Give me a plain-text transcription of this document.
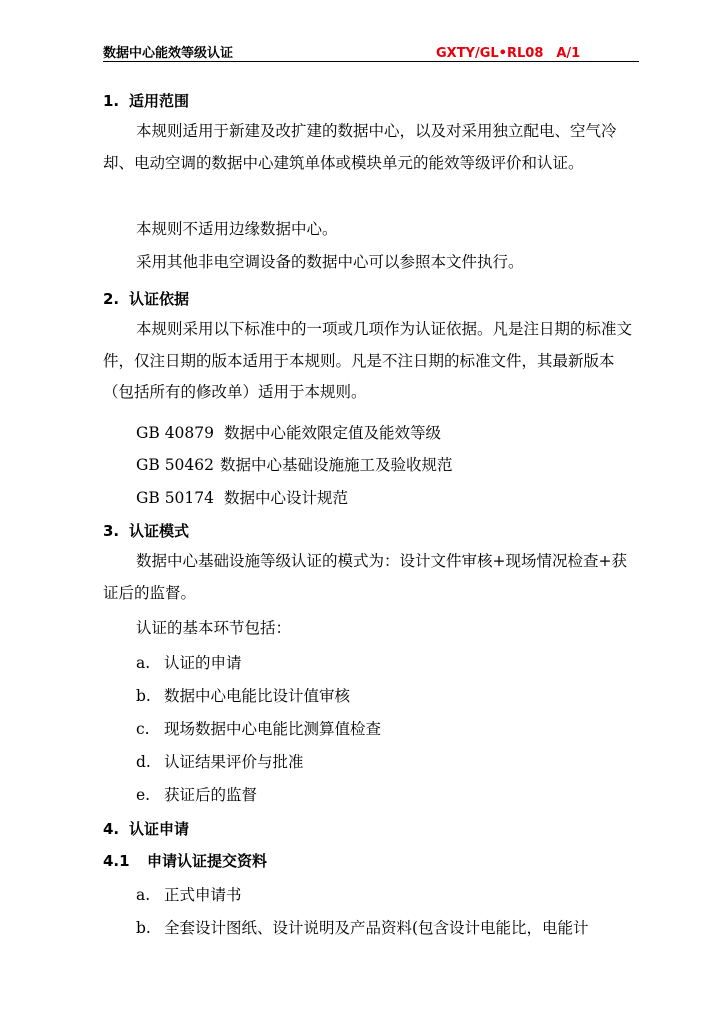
数据中心能效等级认证	GXTY/GL•RL08　A/1
1. 适用范围
本规则适用于新建及改扩建的数据中心，以及对采用独立配电、空气冷却、电动空调的数据中心建筑单体或模块单元的能效等级评价和认证。
本规则不适用边缘数据中心。
采用其他非电空调设备的数据中心可以参照本文件执行。
2. 认证依据
本规则采用以下标准中的一项或几项作为认证依据。凡是注日期的标准文件，仅注日期的版本适用于本规则。凡是不注日期的标准文件，其最新版本（包括所有的修改单）适用于本规则。
GB 40879 数据中心能效限定值及能效等级
GB 50462 数据中心基础设施施工及验收规范
GB 50174 数据中心设计规范
3. 认证模式
数据中心基础设施等级认证的模式为：设计文件审核+现场情况检查+获证后的监督。
认证的基本环节包括：
a. 认证的申请
b. 数据中心电能比设计值审核
c. 现场数据中心电能比测算值检查
d. 认证结果评价与批准
e. 获证后的监督
4. 认证申请
4.1 申请认证提交资料
a. 正式申请书
b. 全套设计图纸、设计说明及产品资料(包含设计电能比，电能计
